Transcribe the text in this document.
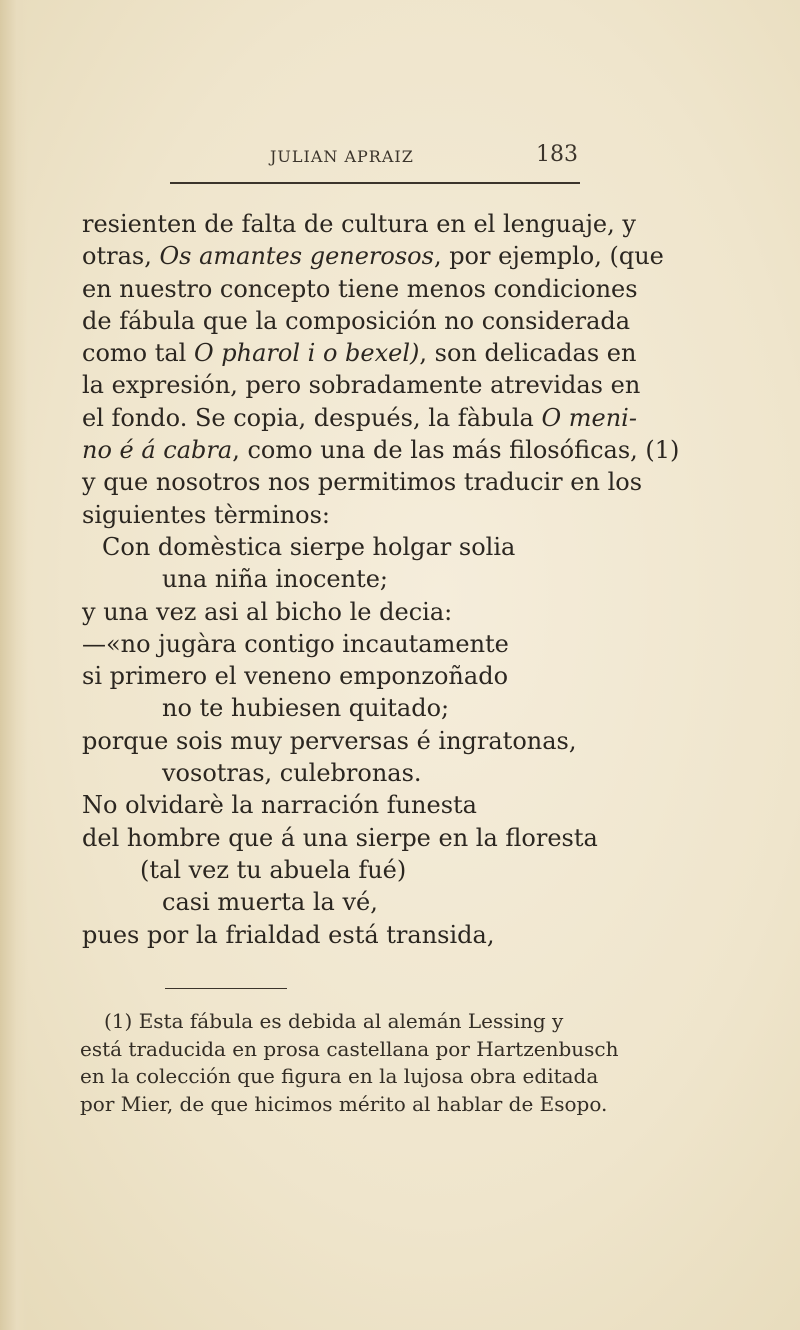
JULIAN APRAIZ	183
resienten de falta de cultura en el lenguaje, y
otras, Os amantes generosos, por ejemplo, (que
en nuestro concepto tiene menos condiciones
de fábula que la composición no considerada
como tal O pharol i o bexel), son delicadas en
la expresión, pero sobradamente atrevidas en
el fondo. Se copia, después, la fàbula O meni-
no é á cabra, como una de las más filosóficas, (1)
y que nosotros nos permitimos traducir en los
siguientes tèrminos:
Con domèstica sierpe holgar solia
una niña inocente;
y una vez asi al bicho le decia:
—«no jugàra contigo incautamente
si primero el veneno emponzoñado
no te hubiesen quitado;
porque sois muy perversas é ingratonas,
vosotras, culebronas.
No olvidarè la narración funesta
del hombre que á una sierpe en la floresta
(tal vez tu abuela fué)
casi muerta la vé,
pues por la frialdad está transida,
(1) Esta fábula es debida al alemán Lessing y
está traducida en prosa castellana por Hartzenbusch
en la colección que figura en la lujosa obra editada
por Mier, de que hicimos mérito al hablar de Esopo.
